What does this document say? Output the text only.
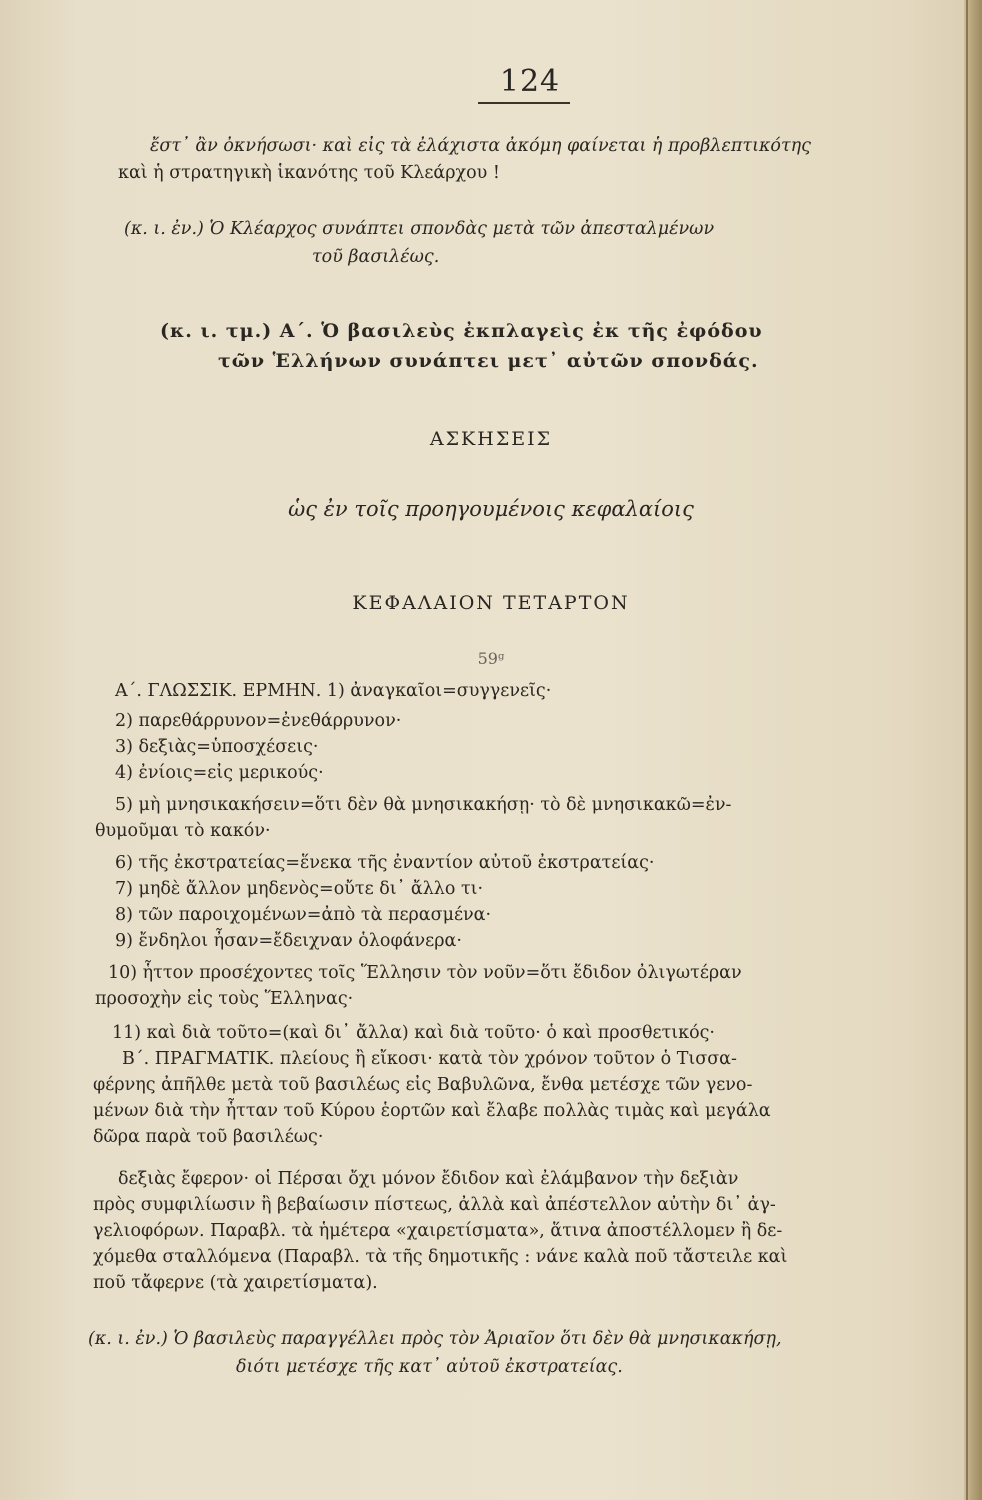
124
ἔστ᾽ ἂν ὀκνήσωσι· καὶ εἰς τὰ ἐλάχιστα ἀκόμη φαίνεται ἡ προβλεπτικότης
καὶ ἡ στρατηγικὴ ἱκανότης τοῦ Κλεάρχου !
(κ. ι. ἐν.) Ὁ Κλέαρχος συνάπτει σπονδὰς μετὰ τῶν ἀπεσταλμένων
τοῦ βασιλέως.
(κ. ι. τμ.) Α΄. Ὁ βασιλεὺς ἐκπλαγεὶς ἐκ τῆς ἐφόδου
τῶν Ἑλλήνων συνάπτει μετ᾽ αὐτῶν σπονδάς.
ΑΣΚΗΣΕΙΣ
ὡς ἐν τοῖς προηγουμένοις κεφαλαίοις
ΚΕΦΑΛΑΙΟΝ ΤΕΤΑΡΤΟΝ
59ᵍ
Α΄. ΓΛΩΣΣΙΚ. ΕΡΜΗΝ. 1) ἀναγκαῖοι=συγγενεῖς·
2) παρεθάρρυνον=ἐνεθάρρυνον·
3) δεξιὰς=ὑποσχέσεις·
4) ἐνίοις=εἰς μερικούς·
5) μὴ μνησικακήσειν=ὅτι δὲν θὰ μνησικακήσῃ· τὸ δὲ μνησικακῶ=ἐν-
θυμοῦμαι τὸ κακόν·
6) τῆς ἐκστρατείας=ἕνεκα τῆς ἐναντίον αὐτοῦ ἐκστρατείας·
7) μηδὲ ἄλλον μηδενὸς=οὔτε δι᾽ ἄλλο τι·
8) τῶν παροιχομένων=ἀπὸ τὰ περασμένα·
9) ἔνδηλοι ἦσαν=ἔδειχναν ὁλοφάνερα·
10) ἧττον προσέχοντες τοῖς Ἕλλησιν τὸν νοῦν=ὅτι ἔδιδον ὀλιγωτέραν
προσοχὴν εἰς τοὺς Ἕλληνας·
11) καὶ διὰ τοῦτο=(καὶ δι᾽ ἄλλα) καὶ διὰ τοῦτο· ὁ καὶ προσθετικός·
Β΄. ΠΡΑΓΜΑΤΙΚ. πλείους ἢ εἴκοσι· κατὰ τὸν χρόνον τοῦτον ὁ Τισσα-
φέρνης ἀπῆλθε μετὰ τοῦ βασιλέως εἰς Βαβυλῶνα, ἔνθα μετέσχε τῶν γενο-
μένων διὰ τὴν ἧτταν τοῦ Κύρου ἑορτῶν καὶ ἔλαβε πολλὰς τιμὰς καὶ μεγάλα
δῶρα παρὰ τοῦ βασιλέως·
δεξιὰς ἔφερον· οἱ Πέρσαι ὄχι μόνον ἔδιδον καὶ ἐλάμβανον τὴν δεξιὰν
πρὸς συμφιλίωσιν ἢ βεβαίωσιν πίστεως, ἀλλὰ καὶ ἀπέστελλον αὐτὴν δι᾽ ἀγ-
γελιοφόρων. Παραβλ. τὰ ἡμέτερα «χαιρετίσματα», ἅτινα ἀποστέλλομεν ἢ δε-
χόμεθα σταλλόμενα (Παραβλ. τὰ τῆς δημοτικῆς : νάνε καλὰ ποῦ τἄστειλε καὶ
ποῦ τἄφερνε (τὰ χαιρετίσματα).
(κ. ι. ἐν.) Ὁ βασιλεὺς παραγγέλλει πρὸς τὸν Ἀριαῖον ὅτι δὲν θὰ μνησικακήσῃ,
διότι μετέσχε τῆς κατ᾽ αὐτοῦ ἐκστρατείας.
